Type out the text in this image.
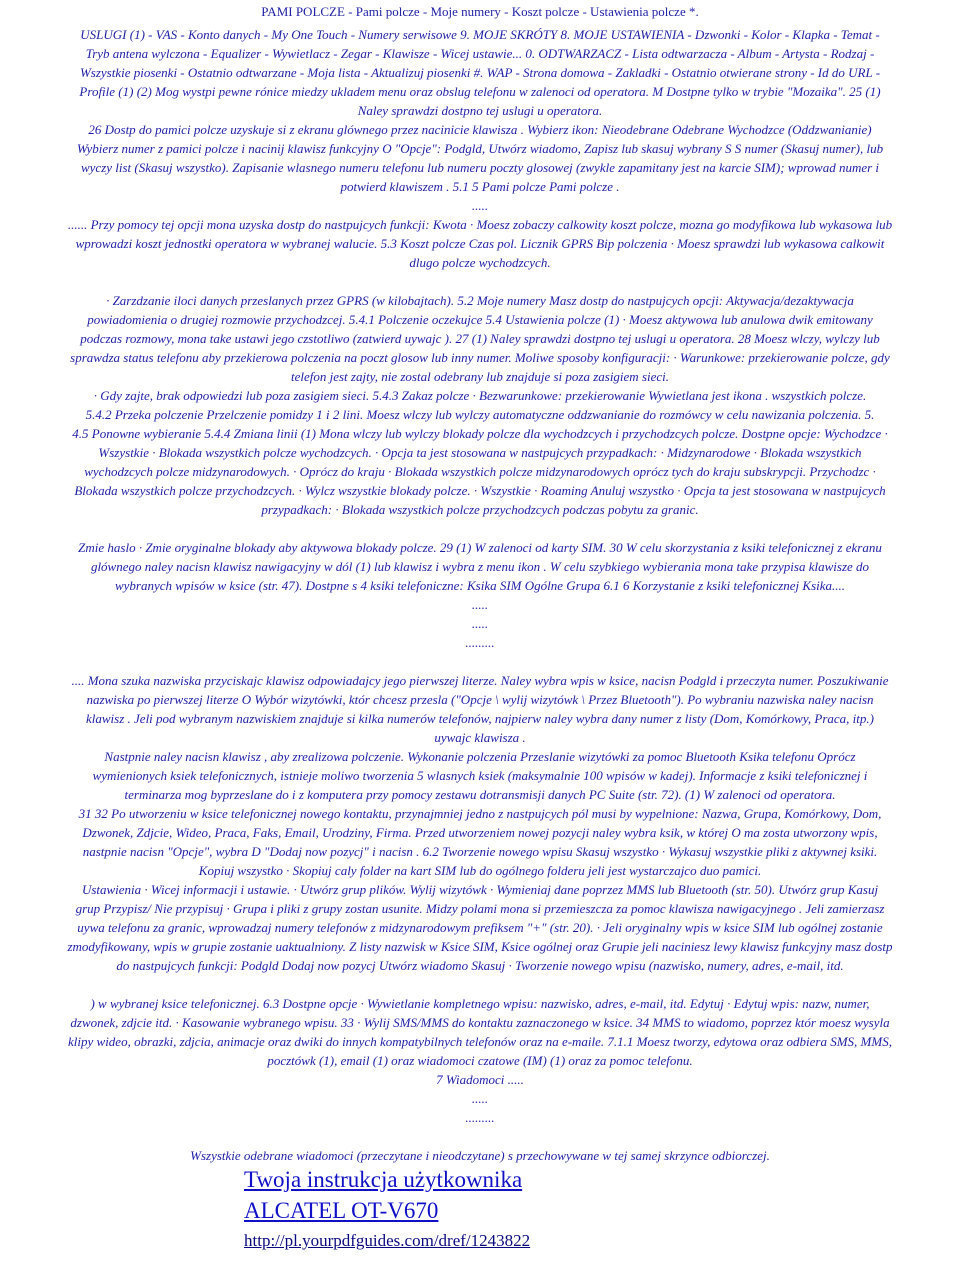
PAMI POLCZE - Pami polcze - Moje numery - Koszt polcze - Ustawienia polcze *.

USLUGI (1) - VAS - Konto danych - My One Touch - Numery serwisowe 9. MOJE SKRÓTY 8. MOJE USTAWIENIA - Dzwonki - Kolor - Klapka - Temat -
Tryb antena wylczona - Equalizer - Wywietlacz - Zegar - Klawisze - Wicej ustawie... 0. ODTWARZACZ - Lista odtwarzacza - Album - Artysta - Rodzaj -
Wszystkie piosenki - Ostatnio odtwarzane - Moja lista - Aktualizuj piosenki #. WAP - Strona domowa - Zakladki - Ostatnio otwierane strony - Id do URL -
Profile (1) (2) Mog wystpi pewne rónice miedzy ukladem menu oraz obslug telefonu w zalenoci od operatora. M Dostpne tylko w trybie "Mozaika". 25 (1)
Naley sprawdzi dostpno tej uslugi u operatora.
26 Dostp do pamici polcze uzyskuje si z ekranu glównego przez nacinicie klawisza . Wybierz ikon: Nieodebrane Odebrane Wychodzce (Oddzwanianie)
Wybierz numer z pamici polcze i nacinij klawisz funkcyjny O "Opcje": Podgld, Utwórz wiadomo, Zapisz lub skasuj wybrany S S numer (Skasuj numer), lub
wyczy list (Skasuj wszystko). Zapisanie wlasnego numeru telefonu lub numeru poczty glosowej (zwykle zapamitany jest na karcie SIM); wprowad numer i
potwierd klawiszem . 5.1 5 Pami polcze Pami polcze .
.....
...... Przy pomocy tej opcji mona uzyska dostp do nastpujcych funkcji: Kwota · Moesz zobaczy calkowity koszt polcze, mozna go modyfikowa lub wykasowa lub
wprowadzi koszt jednostki operatora w wybranej walucie. 5.3 Koszt polcze Czas pol. Licznik GPRS Bip polczenia · Moesz sprawdzi lub wykasowa calkowit
dlugo polcze wychodzcych.

· Zarzdzanie iloci danych przeslanych przez GPRS (w kilobajtach). 5.2 Moje numery Masz dostp do nastpujcych opcji: Aktywacja/dezaktywacja
powiadomienia o drugiej rozmowie przychodzcej. 5.4.1 Polczenie oczekujce 5.4 Ustawienia polcze (1) · Moesz aktywowa lub anulowa dwik emitowany
podczas rozmowy, mona take ustawi jego czstotliwo (zatwierd uywajc ). 27 (1) Naley sprawdzi dostpno tej uslugi u operatora. 28 Moesz wlczy, wylczy lub
sprawdza status telefonu aby przekierowa polczenia na poczt glosow lub inny numer. Moliwe sposoby konfiguracji: · Warunkowe: przekierowanie polcze, gdy
telefon jest zajty, nie zostal odebrany lub znajduje si poza zasigiem sieci.
· Gdy zajte, brak odpowiedzi lub poza zasigiem sieci. 5.4.3 Zakaz polcze · Bezwarunkowe: przekierowanie Wywietlana jest ikona . wszystkich polcze.
5.4.2 Przeka polczenie Przelczenie pomidzy 1 i 2 lini. Moesz wlczy lub wylczy automatyczne oddzwanianie do rozmówcy w celu nawizania polczenia. 5.
4.5 Ponowne wybieranie 5.4.4 Zmiana linii (1) Mona wlczy lub wylczy blokady polcze dla wychodzcych i przychodzcych polcze. Dostpne opcje: Wychodzce ·
Wszystkie · Blokada wszystkich polcze wychodzcych. · Opcja ta jest stosowana w nastpujcych przypadkach: · Midzynarodowe · Blokada wszystkich
wychodzcych polcze midzynarodowych. · Oprócz do kraju · Blokada wszystkich polcze midzynarodowych oprócz tych do kraju subskrypcji. Przychodzc ·
Blokada wszystkich polcze przychodzcych. · Wylcz wszystkie blokady polcze. · Wszystkie · Roaming Anuluj wszystko · Opcja ta jest stosowana w nastpujcych
przypadkach: · Blokada wszystkich polcze przychodzcych podczas pobytu za granic.

Zmie haslo · Zmie oryginalne blokady aby aktywowa blokady polcze. 29 (1) W zalenoci od karty SIM. 30 W celu skorzystania z ksiki telefonicznej z ekranu
glównego naley nacisn klawisz nawigacyjny w dól (1) lub klawisz i wybra z menu ikon . W celu szybkiego wybierania mona take przypisa klawisze do
wybranych wpisów w ksice (str. 47). Dostpne s 4 ksiki telefoniczne: Ksika SIM Ogólne Grupa 6.1 6 Korzystanie z ksiki telefonicznej Ksika....
.....
.....
.........

.... Mona szuka nazwiska przyciskajc klawisz odpowiadajcy jego pierwszej literze. Naley wybra wpis w ksice, nacisn Podgld i przeczyta numer. Poszukiwanie
nazwiska po pierwszej literze O Wybór wizytówki, któr chcesz przesla ("Opcje \ wylij wizytówk \ Przez Bluetooth"). Po wybraniu nazwiska naley nacisn
klawisz . Jeli pod wybranym nazwiskiem znajduje si kilka numerów telefonów, najpierw naley wybra dany numer z listy (Dom, Komórkowy, Praca, itp.)
uywajc klawisza .
Nastpnie naley nacisn klawisz , aby zrealizowa polczenie. Wykonanie polczenia Przeslanie wizytówki za pomoc Bluetooth Ksika telefonu Oprócz
wymienionych ksiek telefonicznych, istnieje moliwo tworzenia 5 wlasnych ksiek (maksymalnie 100 wpisów w kadej). Informacje z ksiki telefonicznej i
terminarza mog byprzeslane do i z komputera przy pomocy zestawu dotransmisji danych PC Suite (str. 72). (1) W zalenoci od operatora.
31 32 Po utworzeniu w ksice telefonicznej nowego kontaktu, przynajmniej jedno z nastpujcych pól musi by wypelnione: Nazwa, Grupa, Komórkowy, Dom,
Dzwonek, Zdjcie, Wideo, Praca, Faks, Email, Urodziny, Firma. Przed utworzeniem nowej pozycji naley wybra ksik, w której O ma zosta utworzony wpis,
nastpnie nacisn "Opcje", wybra D "Dodaj now pozycj" i nacisn . 6.2 Tworzenie nowego wpisu Skasuj wszystko · Wykasuj wszystkie pliki z aktywnej ksiki.
Kopiuj wszystko · Skopiuj caly folder na kart SIM lub do ogólnego folderu jeli jest wystarczajco duo pamici.
Ustawienia · Wicej informacji i ustawie. · Utwórz grup plików. Wylij wizytówk · Wymieniaj dane poprzez MMS lub Bluetooth (str. 50). Utwórz grup Kasuj
grup Przypisz/ Nie przypisuj · Grupa i pliki z grupy zostan usunite. Midzy polami mona si przemieszcza za pomoc klawisza nawigacyjnego . Jeli zamierzasz
uywa telefonu za granic, wprowadzaj numery telefonów z midzynarodowym prefiksem "+" (str. 20). · Jeli oryginalny wpis w ksice SIM lub ogólnej zostanie
zmodyfikowany, wpis w grupie zostanie uaktualniony. Z listy nazwisk w Ksice SIM, Ksice ogólnej oraz Grupie jeli naciniesz lewy klawisz funkcyjny masz dostp
do nastpujcych funkcji: Podgld Dodaj now pozycj Utwórz wiadomo Skasuj · Tworzenie nowego wpisu (nazwisko, numery, adres, e-mail, itd.

) w wybranej ksice telefonicznej. 6.3 Dostpne opcje · Wywietlanie kompletnego wpisu: nazwisko, adres, e-mail, itd. Edytuj · Edytuj wpis: nazw, numer,
dzwonek, zdjcie itd. · Kasowanie wybranego wpisu. 33 · Wylij SMS/MMS do kontaktu zaznaczonego w ksice. 34 MMS to wiadomo, poprzez któr moesz wysyla
klipy wideo, obrazki, zdjcia, animacje oraz dwiki do innych kompatybilnych telefonów oraz na e-maile. 7.1.1 Moesz tworzy, edytowa oraz odbiera SMS, MMS,
pocztówk (1), email (1) oraz wiadomoci czatowe (IM) (1) oraz za pomoc telefonu.
7 Wiadomoci .....
.....
.........

Wszystkie odebrane wiadomoci (przeczytane i nieodczytane) s przechowywane w tej samej skrzynce odbiorczej.

Twoja instrukcja użytkownika
ALCATEL OT-V670
http://pl.yourpdfguides.com/dref/1243822
